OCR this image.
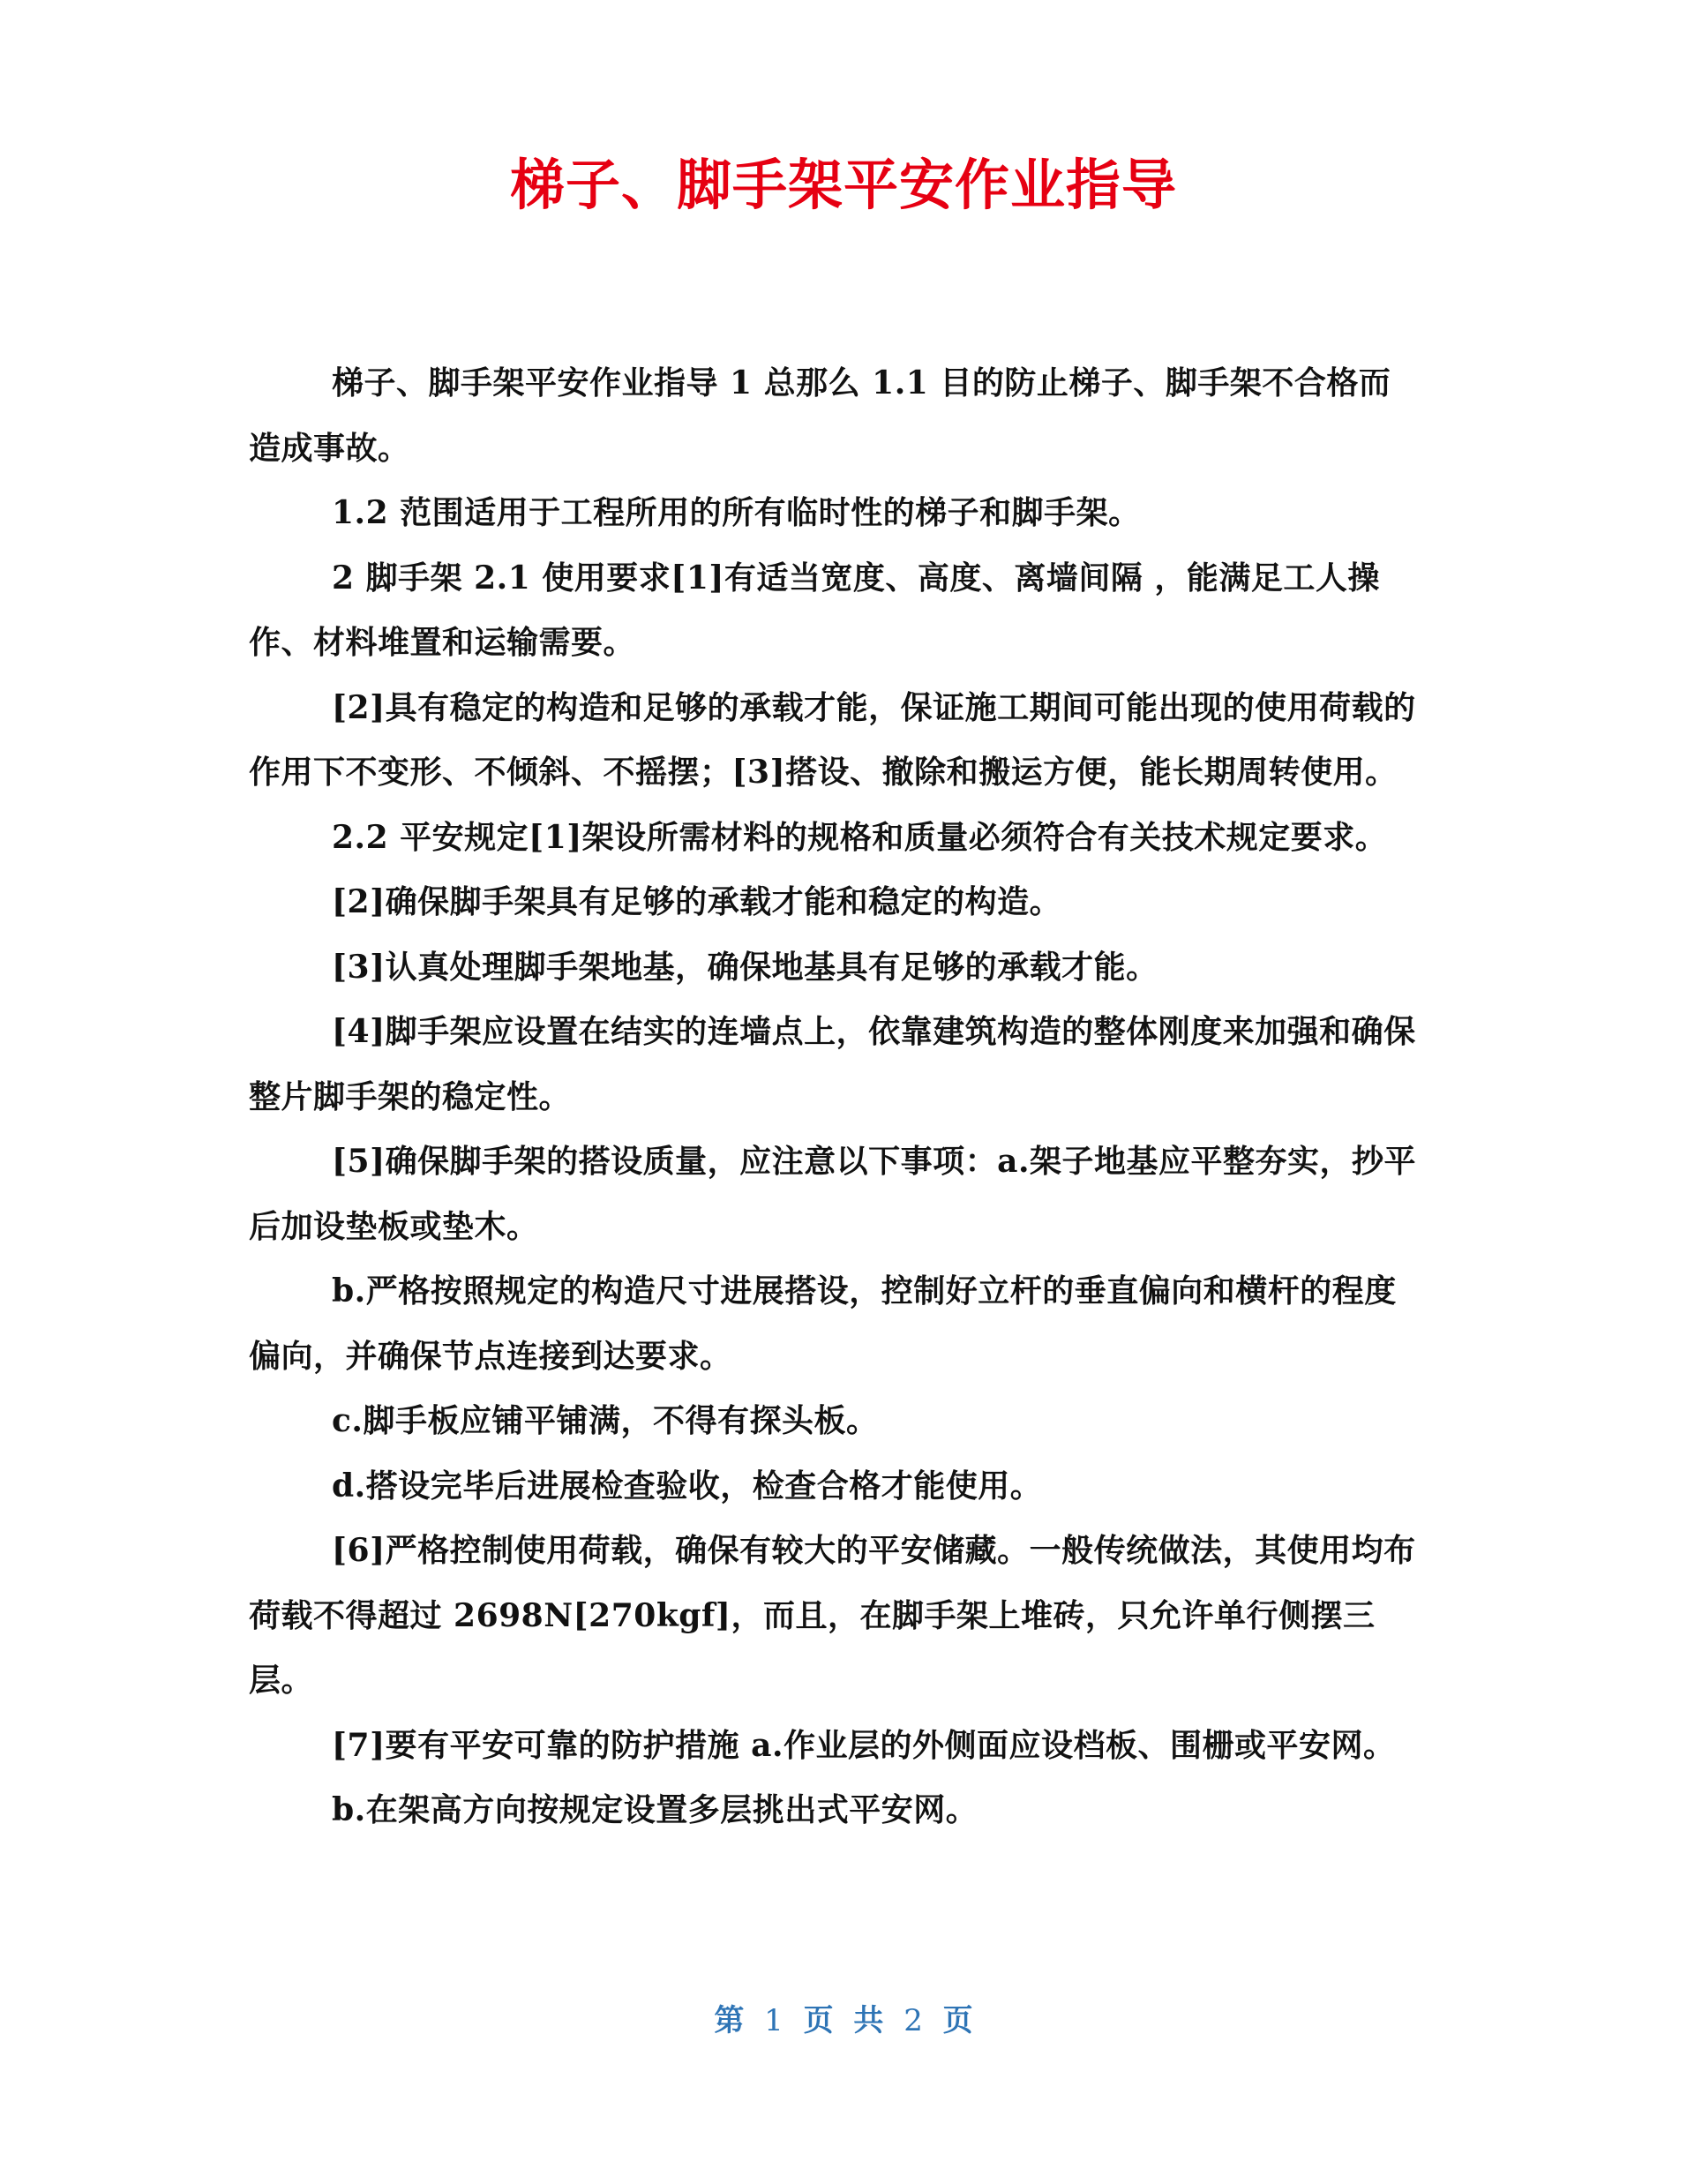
梯子、脚手架平安作业指导

梯子、脚手架平安作业指导 1 总那么 1.1 目的防止梯子、脚手架不合格而造成事故。

1.2 范围适用于工程所用的所有临时性的梯子和脚手架。

2 脚手架 2.1 使用要求[1]有适当宽度、高度、离墙间隔 ，能满足工人操作、材料堆置和运输需要。

[2]具有稳定的构造和足够的承载才能，保证施工期间可能出现的使用荷载的作用下不变形、不倾斜、不摇摆；[3]搭设、撤除和搬运方便，能长期周转使用。

2.2 平安规定[1]架设所需材料的规格和质量必须符合有关技术规定要求。

[2]确保脚手架具有足够的承载才能和稳定的构造。

[3]认真处理脚手架地基，确保地基具有足够的承载才能。

[4]脚手架应设置在结实的连墙点上，依靠建筑构造的整体刚度来加强和确保整片脚手架的稳定性。

[5]确保脚手架的搭设质量，应注意以下事项：a.架子地基应平整夯实，抄平后加设垫板或垫木。

b.严格按照规定的构造尺寸进展搭设，控制好立杆的垂直偏向和横杆的程度偏向，并确保节点连接到达要求。

c.脚手板应铺平铺满，不得有探头板。

d.搭设完毕后进展检查验收，检查合格才能使用。

[6]严格控制使用荷载，确保有较大的平安储藏。一般传统做法，其使用均布荷载不得超过 2698N[270kgf]，而且，在脚手架上堆砖，只允许单行侧摆三层。

[7]要有平安可靠的防护措施 a.作业层的外侧面应设档板、围栅或平安网。

b.在架高方向按规定设置多层挑出式平安网。

第 1 页 共 2 页
